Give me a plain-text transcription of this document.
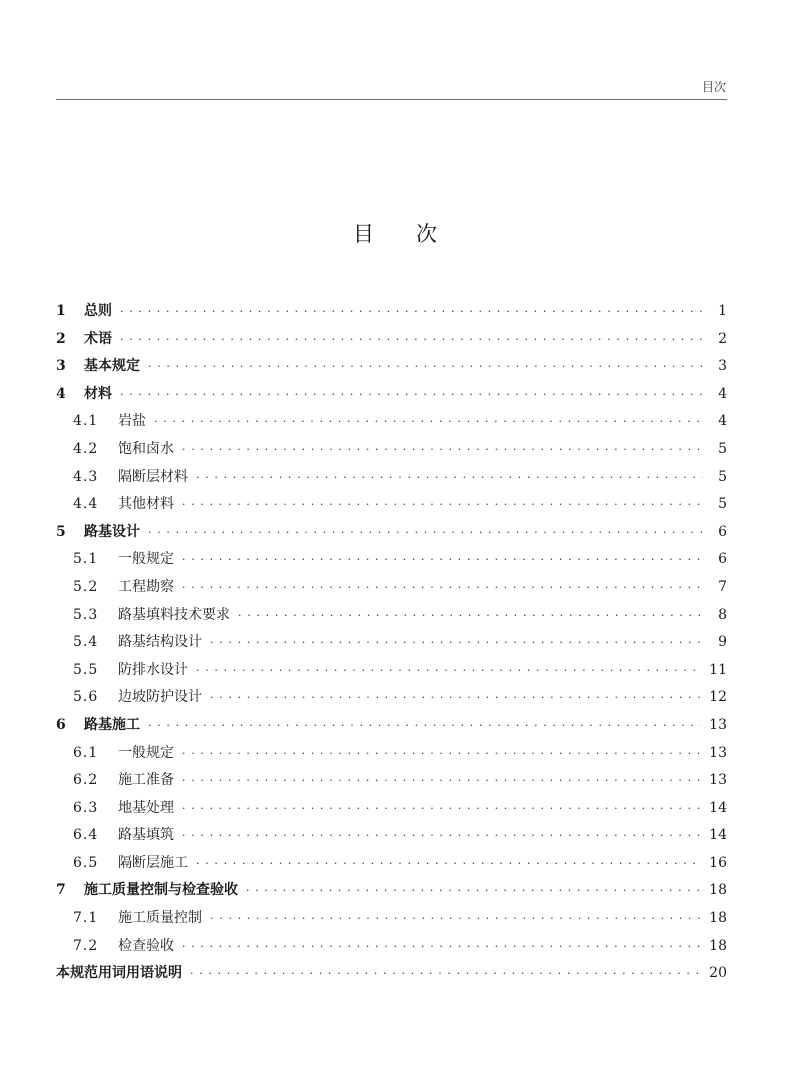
目次
目次
1	总则 · · ·	1
2	术语 · · ·	2
3	基本规定 · · ·	3
4	材料 · · ·	4
4.1	岩盐 · · ·	4
4.2	饱和卤水 · · ·	5
4.3	隔断层材料 · · ·	5
4.4	其他材料 · · ·	5
5	路基设计 · · ·	6
5.1	一般规定 · · ·	6
5.2	工程勘察 · · ·	7
5.3	路基填料技术要求 · · ·	8
5.4	路基结构设计 · · ·	9
5.5	防排水设计 · · ·	11
5.6	边坡防护设计 · · ·	12
6	路基施工 · · ·	13
6.1	一般规定 · · ·	13
6.2	施工准备 · · ·	13
6.3	地基处理 · · ·	14
6.4	路基填筑 · · ·	14
6.5	隔断层施工 · · ·	16
7	施工质量控制与检查验收 · · ·	18
7.1	施工质量控制 · · ·	18
7.2	检查验收 · · ·	18
本规范用词用语说明 · · ·	20
